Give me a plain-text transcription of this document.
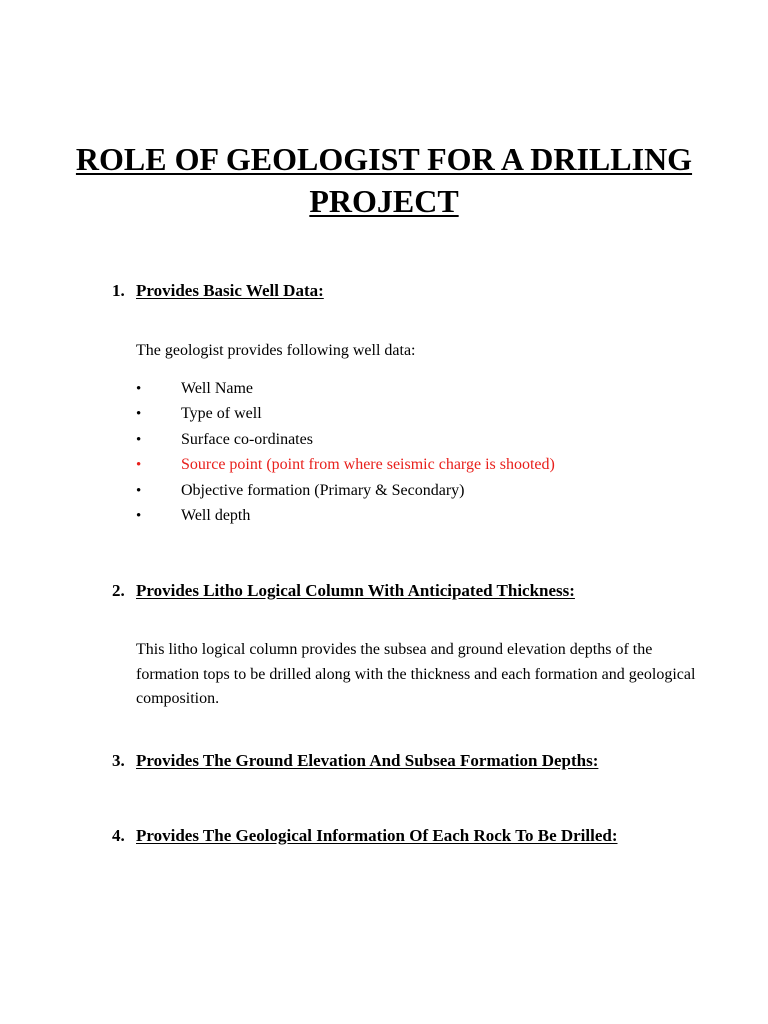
ROLE OF GEOLOGIST FOR A DRILLING
PROJECT
1. Provides Basic Well Data:

The geologist provides following well data:

• Well Name
• Type of well
• Surface co-ordinates
• Source point (point from where seismic charge is shooted)
• Objective formation (Primary & Secondary)
• Well depth
2. Provides Litho Logical Column With Anticipated Thickness:

This litho logical column provides the subsea and ground elevation depths of the formation tops to be drilled along with the thickness and each formation and geological composition.

3. Provides The Ground Elevation And Subsea Formation Depths:
4. Provides The Geological Information Of Each Rock To Be Drilled:
